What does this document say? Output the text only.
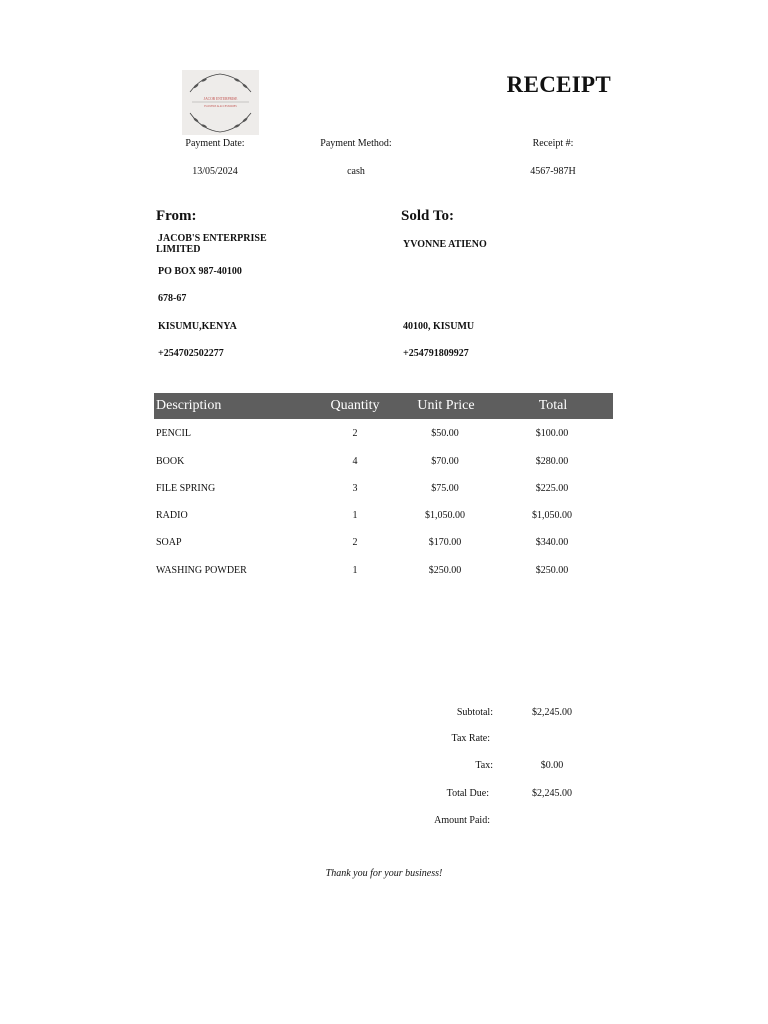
JACOB ENTERPRISE
FLOWERS & ACCESSORIES
RECEIPT
Payment Date:
13/05/2024
Payment Method:
cash
Receipt #:
4567-987H
From:
JACOB'S ENTERPRISE LIMITED
PO BOX 987-40100
678-67
KISUMU,KENYA
+254702502277
Sold To:
YVONNE ATIENO
40100, KISUMU
+254791809927
Description	Quantity	Unit Price	Total
PENCIL	2	$50.00	$100.00
BOOK	4	$70.00	$280.00
FILE SPRING	3	$75.00	$225.00
RADIO	1	$1,050.00	$1,050.00
SOAP	2	$170.00	$340.00
WASHING POWDER	1	$250.00	$250.00
Subtotal:	$2,245.00
Tax Rate:
Tax:	$0.00
Total Due:	$2,245.00
Amount Paid:
Thank you for your business!
